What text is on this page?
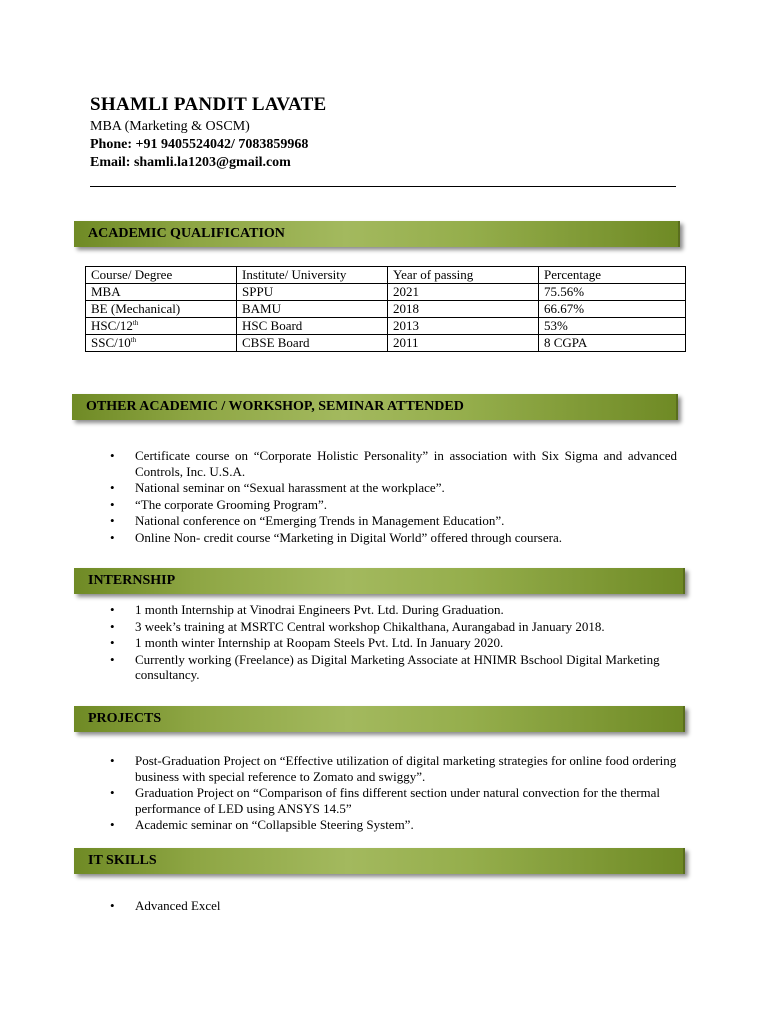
SHAMLI PANDIT LAVATE
MBA (Marketing & OSCM)
Phone: +91 9405524042/ 7083859968
Email: shamli.la1203@gmail.com
ACADEMIC QUALIFICATION
Course/ Degree	Institute/ University	Year of passing	Percentage
MBA	SPPU	2021	75.56%
BE (Mechanical)	BAMU	2018	66.67%
HSC/12th	HSC Board	2013	53%
SSC/10th	CBSE Board	2011	8 CGPA
OTHER ACADEMIC / WORKSHOP, SEMINAR ATTENDED
• Certificate course on “Corporate Holistic Personality” in association with Six Sigma and advanced Controls, Inc. U.S.A.
• National seminar on “Sexual harassment at the workplace”.
• “The corporate Grooming Program”.
• National conference on “Emerging Trends in Management Education”.
• Online Non- credit course “Marketing in Digital World” offered through coursera.
INTERNSHIP
• 1 month Internship at Vinodrai Engineers Pvt. Ltd. During Graduation.
• 3 week’s training at MSRTC Central workshop Chikalthana, Aurangabad in January 2018.
• 1 month winter Internship at Roopam Steels Pvt. Ltd. In January 2020.
• Currently working (Freelance) as Digital Marketing Associate at HNIMR Bschool Digital Marketing consultancy.
PROJECTS
• Post-Graduation Project on “Effective utilization of digital marketing strategies for online food ordering business with special reference to Zomato and swiggy”.
• Graduation Project on “Comparison of fins different section under natural convection for the thermal performance of LED using ANSYS 14.5”
• Academic seminar on “Collapsible Steering System”.
IT SKILLS
• Advanced Excel
